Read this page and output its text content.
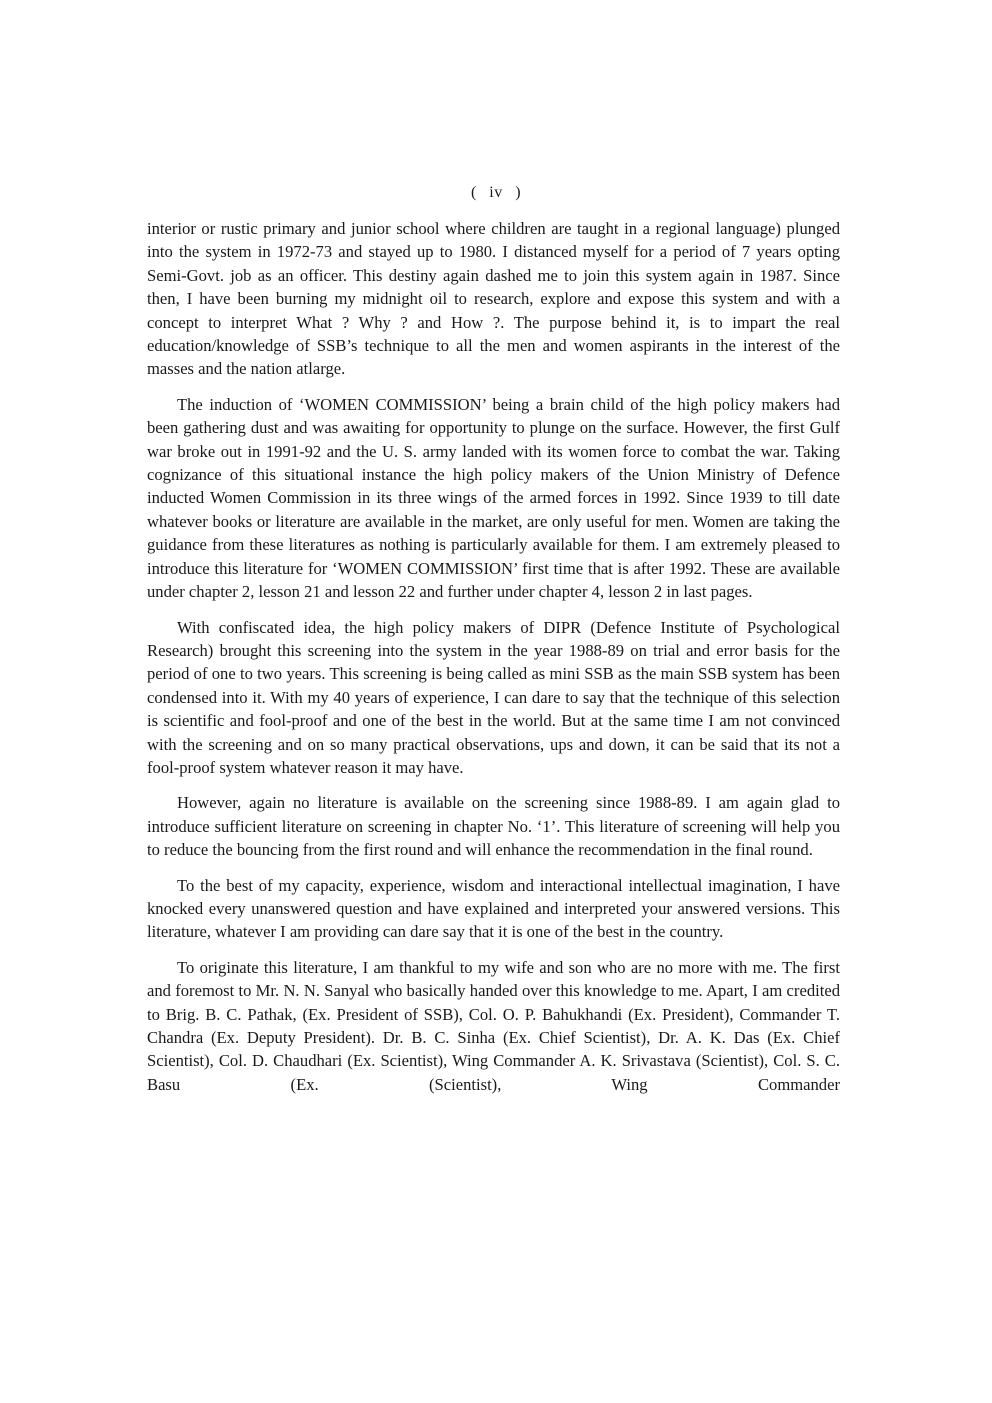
( iv )

interior or rustic primary and junior school where children are taught in a regional language) plunged into the system in 1972-73 and stayed up to 1980. I distanced myself for a period of 7 years opting Semi-Govt. job as an officer. This destiny again dashed me to join this system again in 1987. Since then, I have been burning my midnight oil to research, explore and expose this system and with a concept to interpret What ? Why ? and How ?. The purpose behind it, is to impart the real education/knowledge of SSB’s technique to all the men and women aspirants in the interest of the masses and the nation atlarge.

The induction of ‘WOMEN COMMISSION’ being a brain child of the high policy makers had been gathering dust and was awaiting for opportunity to plunge on the surface. However, the first Gulf war broke out in 1991-92 and the U. S. army landed with its women force to combat the war. Taking cognizance of this situational instance the high policy makers of the Union Ministry of Defence inducted Women Commission in its three wings of the armed forces in 1992. Since 1939 to till date whatever books or literature are available in the market, are only useful for men. Women are taking the guidance from these literatures as nothing is particularly available for them. I am extremely pleased to introduce this literature for ‘WOMEN COMMISSION’ first time that is after 1992. These are available under chapter 2, lesson 21 and lesson 22 and further under chapter 4, lesson 2 in last pages.

With confiscated idea, the high policy makers of DIPR (Defence Institute of Psychological Research) brought this screening into the system in the year 1988-89 on trial and error basis for the period of one to two years. This screening is being called as mini SSB as the main SSB system has been condensed into it. With my 40 years of experience, I can dare to say that the technique of this selection is scientific and fool-proof and one of the best in the world. But at the same time I am not convinced with the screening and on so many practical observations, ups and down, it can be said that its not a fool-proof system whatever reason it may have.

However, again no literature is available on the screening since 1988-89. I am again glad to introduce sufficient literature on screening in chapter No. ‘1’. This literature of screening will help you to reduce the bouncing from the first round and will enhance the recommendation in the final round.

To the best of my capacity, experience, wisdom and interactional intellectual imagination, I have knocked every unanswered question and have explained and interpreted your answered versions. This literature, whatever I am providing can dare say that it is one of the best in the country.

To originate this literature, I am thankful to my wife and son who are no more with me. The first and foremost to Mr. N. N. Sanyal who basically handed over this knowledge to me. Apart, I am credited to Brig. B. C. Pathak, (Ex. President of SSB), Col. O. P. Bahukhandi (Ex. President), Commander T. Chandra (Ex. Deputy President). Dr. B. C. Sinha (Ex. Chief Scientist), Dr. A. K. Das (Ex. Chief Scientist), Col. D. Chaudhari (Ex. Scientist), Wing Commander A. K. Srivastava (Scientist), Col. S. C. Basu (Ex. (Scientist), Wing Commander
